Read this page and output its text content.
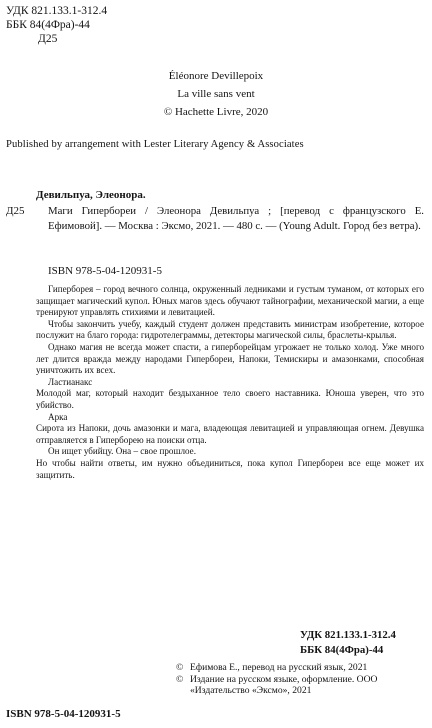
УДК 821.133.1-312.4
ББК 84(4Фра)-44
Д25
Éléonore Devillepoix
La ville sans vent
© Hachette Livre, 2020
Published by arrangement with Lester Literary Agency & Associates
Д25
Девильпуа, Элеонора.
Маги Гипербореи / Элеонора Девильпуа ; [перевод с французского Е. Ефимовой]. — Москва : Эксмо, 2021. — 480 с. — (Young Adult. Город без ветра).
ISBN 978-5-04-120931-5

Гиперборея – город вечного солнца, окруженный ледниками и густым туманом, от которых его защищает магический купол. Юных магов здесь обучают тайнографии, механической магии, а еще тренируют управлять стихиями и левитацией.

Чтобы закончить учебу, каждый студент должен представить министрам изобретение, которое послужит на благо города: гидротелеграммы, детекторы магической силы, браслеты-крылья.

Однако магия не всегда может спасти, а гиперборейцам угрожает не только холод. Уже много лет длится вражда между народами Гипербореи, Напоки, Темискиры и амазонками, способная уничтожить их всех.

Ластианакс

Молодой маг, который находит бездыханное тело своего наставника. Юноша уверен, что это убийство.

Арка

Сирота из Напоки, дочь амазонки и мага, владеющая левитацией и управляющая огнем. Девушка отправляется в Гиперборею на поиски отца.

Он ищет убийцу. Она – свое прошлое.

Но чтобы найти ответы, им нужно объединиться, пока купол Гипербореи все еще может их защитить.

УДК 821.133.1-312.4
ББК 84(4Фра)-44
© Ефимова Е., перевод на русский язык, 2021
© Издание на русском языке, оформление. ООО «Издательство «Эксмо», 2021
ISBN 978-5-04-120931-5
